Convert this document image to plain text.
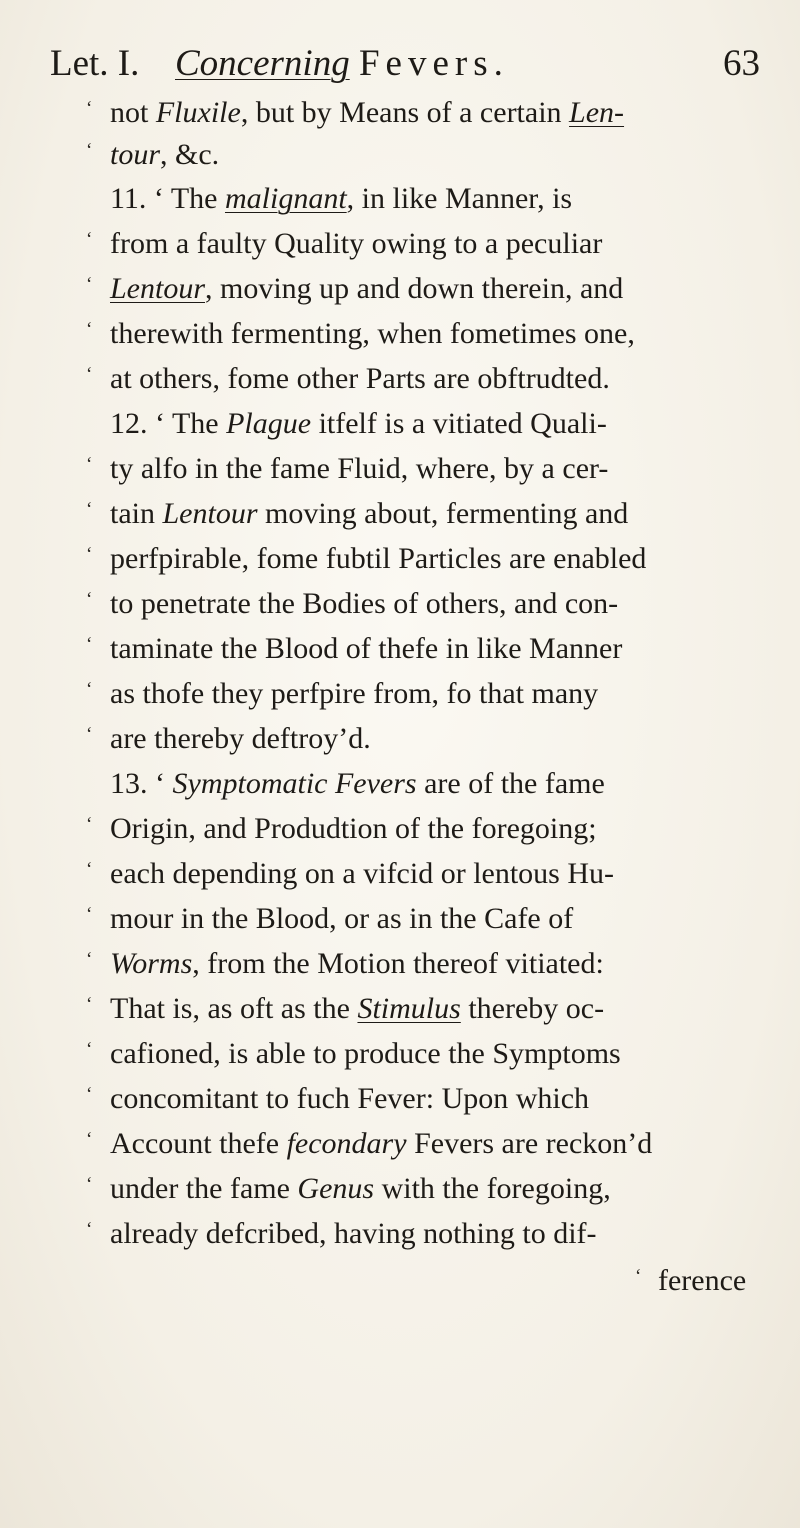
Let. I. Concerning Fevers.	63
‘ not Fluxile, but by Means of a certain Len-
‘ tour, &c.
11. ‘ The malignant, in like Manner, is
‘ from a faulty Quality owing to a peculiar
‘ Lentour, moving up and down therein, and
‘ therewith fermenting, when fometimes one,
‘ at others, fome other Parts are obftrudted.
12. ‘ The Plague itfelf is a vitiated Quali-
‘ ty alfo in the fame Fluid, where, by a cer-
‘ tain Lentour moving about, fermenting and
‘ perfpirable, fome fubtil Particles are enabled
‘ to penetrate the Bodies of others, and con-
‘ taminate the Blood of thefe in like Manner
‘ as thofe they perfpire from, fo that many
‘ are thereby deftroy’d.
13. ‘ Symptomatic Fevers are of the fame
‘ Origin, and Produdtion of the foregoing;
‘ each depending on a vifcid or lentous Hu-
‘ mour in the Blood, or as in the Cafe of
‘ Worms, from the Motion thereof vitiated:
‘ That is, as oft as the Stimulus thereby oc-
‘ cafioned, is able to produce the Symptoms
‘ concomitant to fuch Fever: Upon which
‘ Account thefe fecondary Fevers are reckon’d
‘ under the fame Genus with the foregoing,
‘ already defcribed, having nothing to dif-
‘ ference
